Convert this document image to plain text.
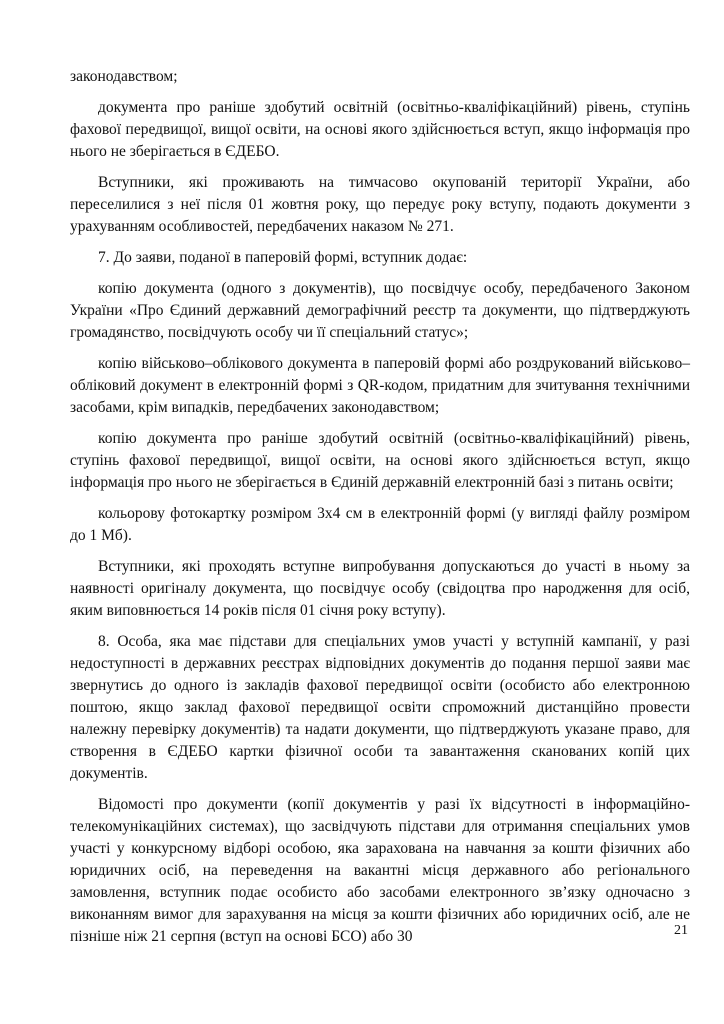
законодавством;

документа про раніше здобутий освітній (освітньо-кваліфікаційний) рівень, ступінь фахової передвищої, вищої освіти, на основі якого здійснюється вступ, якщо інформація про нього не зберігається в ЄДЕБО.

Вступники, які проживають на тимчасово окупованій території України, або переселилися з неї після 01 жовтня року, що передує року вступу, подають документи з урахуванням особливостей, передбачених наказом № 271.

7. До заяви, поданої в паперовій формі, вступник додає:

копію документа (одного з документів), що посвідчує особу, передбаченого Законом України «Про Єдиний державний демографічний реєстр та документи, що підтверджують громадянство, посвідчують особу чи її спеціальний статус»;

копію військово–облікового документа в паперовій формі або роздрукований військово–обліковий документ в електронній формі з QR-кодом, придатним для зчитування технічними засобами, крім випадків, передбачених законодавством;

копію документа про раніше здобутий освітній (освітньо-кваліфікаційний) рівень, ступінь фахової передвищої, вищої освіти, на основі якого здійснюється вступ, якщо інформація про нього не зберігається в Єдиній державній електронній базі з питань освіти;

кольорову фотокартку розміром 3х4 см в електронній формі (у вигляді файлу розміром до 1 Мб).

Вступники, які проходять вступне випробування допускаються до участі в ньому за наявності оригіналу документа, що посвідчує особу (свідоцтва про народження для осіб, яким виповнюється 14 років після 01 січня року вступу).

8. Особа, яка має підстави для спеціальних умов участі у вступній кампанії, у разі недоступності в державних реєстрах відповідних документів до подання першої заяви має звернутись до одного із закладів фахової передвищої освіти (особисто або електронною поштою, якщо заклад фахової передвищої освіти спроможний дистанційно провести належну перевірку документів) та надати документи, що підтверджують указане право, для створення в ЄДЕБО картки фізичної особи та завантаження сканованих копій цих документів.

Відомості про документи (копії документів у разі їх відсутності в інформаційно-телекомунікаційних системах), що засвідчують підстави для отримання спеціальних умов участі у конкурсному відборі особою, яка зарахована на навчання за кошти фізичних або юридичних осіб, на переведення на вакантні місця державного або регіонального замовлення, вступник подає особисто або засобами електронного зв’язку одночасно з виконанням вимог для зарахування на місця за кошти фізичних або юридичних осіб, але не пізніше ніж 21 серпня (вступ на основі БСО) або 30	21
